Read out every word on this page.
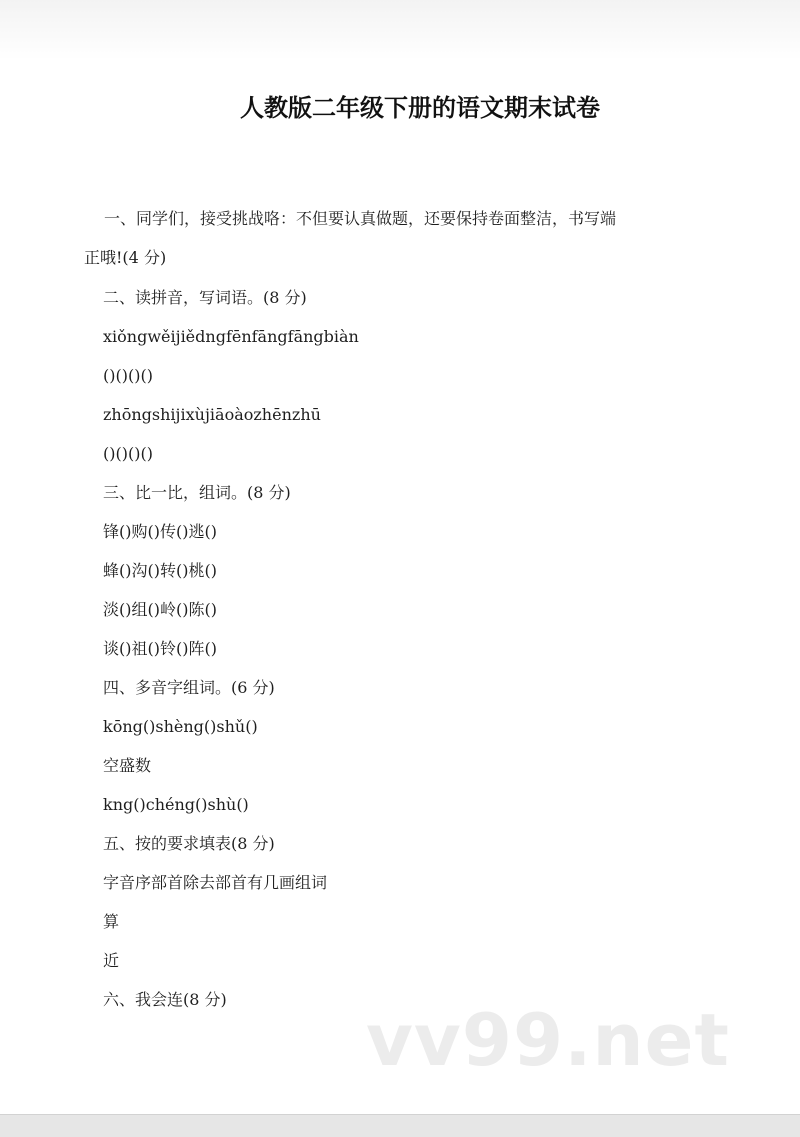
人教版二年级下册的语文期末试卷
一、同学们，接受挑战咯：不但要认真做题，还要保持卷面整洁，书写端
正哦!(4 分)
二、读拼音，写词语。(8 分)
xiǒngwěijiědngfēnfāngfāngbiàn
()()()()
zhōngshijixùjiāoàozhēnzhū
()()()()
三、比一比，组词。(8 分)
锋()购()传()逃()
蜂()沟()转()桃()
淡()组()岭()陈()
谈()祖()铃()阵()
四、多音字组词。(6 分)
kōng()shèng()shǔ()
空盛数
kng()chéng()shù()
五、按的要求填表(8 分)
字音序部首除去部首有几画组词
算
近
六、我会连(8 分) vv99.net
